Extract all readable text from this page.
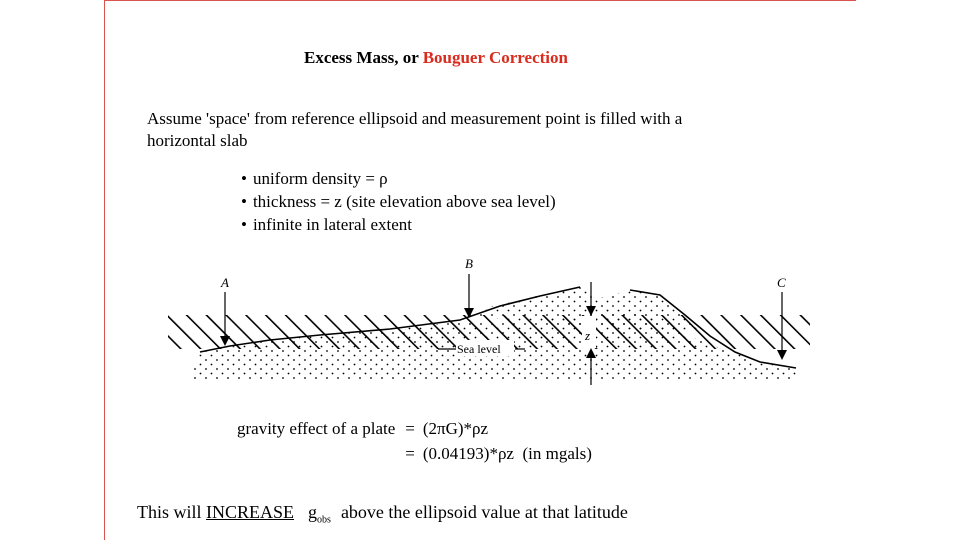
Excess Mass, or Bouguer Correction
Assume 'space' from reference ellipsoid and measurement point is filled with a horizontal slab
• uniform density = ρ
• thickness = z (site elevation above sea level)
• infinite in lateral extent
Sea level
A
B
z
C
gravity effect of a plate	=	(2πG)*ρz
	=	(0.04193)*ρz  (in mgals)
This will INCREASE $g_{obs}$ above the ellipsoid value at that latitude
